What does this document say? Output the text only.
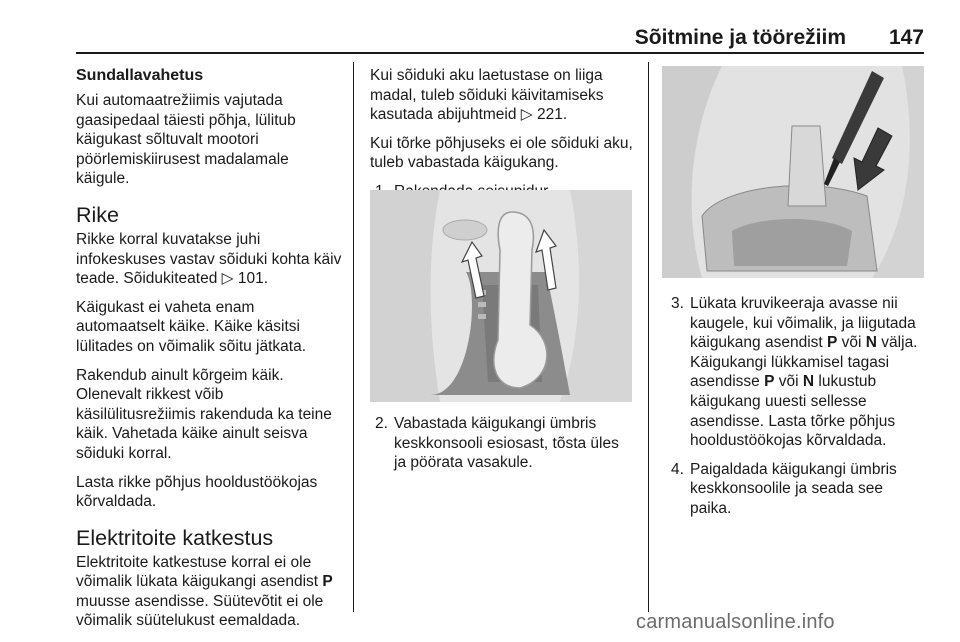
Sõitmine ja töörežiim 147
Sundallavahetus

Kui automaatrežiimis vajutada gaasipedaal täiesti põhja, lülitub käigukast sõltuvalt mootori pöörlemiskiirusest madalamale käigule.

Rike

Rikke korral kuvatakse juhi infokeskuses vastav sõiduki kohta käiv teade. Sõidukiteated ▷ 101.

Käigukast ei vaheta enam automaatselt käike. Käike käsitsi lülitades on võimalik sõitu jätkata.

Rakendub ainult kõrgeim käik. Olenevalt rikkest võib käsilülitusrežiimis rakenduda ka teine käik. Vahetada käike ainult seisva sõiduki korral.

Lasta rikke põhjus hooldustöökojas kõrvaldada.

Elektritoite katkestus

Elektritoite katkestuse korral ei ole võimalik lükata käigukangi asendist P muusse asendisse. Süütevõtit ei ole võimalik süütelukust eemaldada.

Kui sõiduki aku laetustase on liiga madal, tuleb sõiduki käivitamiseks kasutada abijuhtmeid ▷ 221.

Kui tõrke põhjuseks ei ole sõiduki aku, tuleb vabastada käigukang.

2. Vabastada käigukangi ümbris keskkonsooli esiosast, tõsta üles ja pöörata vasakule.
3. Lükata kruvikeeraja avasse nii kaugele, kui võimalik, ja liigutada käigukang asendist P või N välja. Käigukangi lükkamisel tagasi asendisse P või N lukustub käigukang uuesti sellesse asendisse. Lasta tõrke põhjus hooldustöökojas kõrvaldada.
4. Paigaldada käigukangi ümbris keskkonsoolile ja seada see paika.
carmanualsonline.info
